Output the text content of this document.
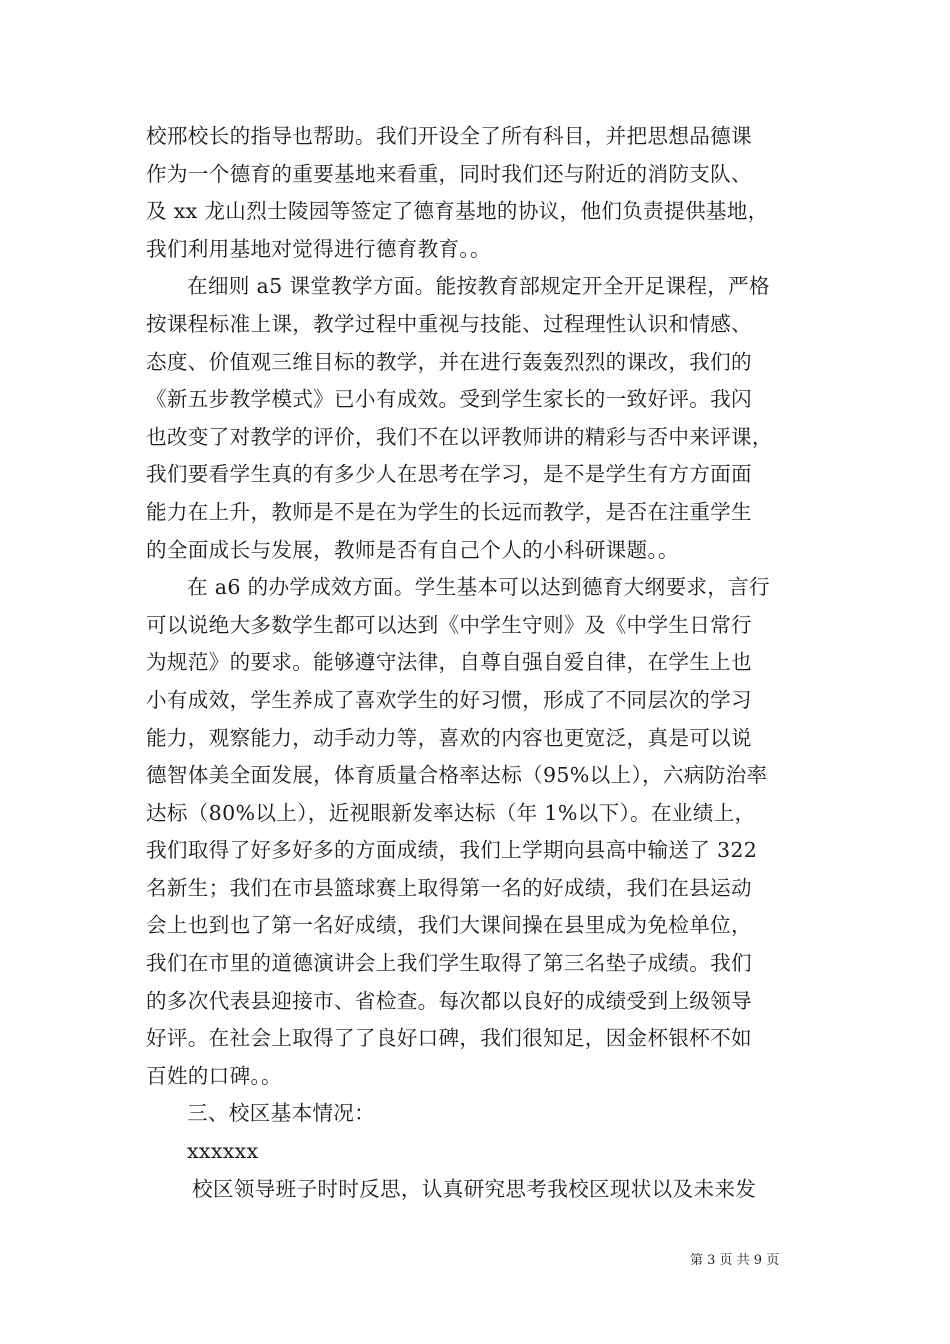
校邢校长的指导也帮助。我们开设全了所有科目，并把思想品德课
作为一个德育的重要基地来看重，同时我们还与附近的消防支队、
及 xx 龙山烈士陵园等签定了德育基地的协议，他们负责提供基地，
我们利用基地对觉得进行德育教育。。
在细则 a5 课堂教学方面。能按教育部规定开全开足课程，严格
按课程标准上课，教学过程中重视与技能、过程理性认识和情感、
态度、价值观三维目标的教学，并在进行轰轰烈烈的课改，我们的
《新五步教学模式》已小有成效。受到学生家长的一致好评。我闪
也改变了对教学的评价，我们不在以评教师讲的精彩与否中来评课，
我们要看学生真的有多少人在思考在学习，是不是学生有方方面面
能力在上升，教师是不是在为学生的长远而教学，是否在注重学生
的全面成长与发展，教师是否有自己个人的小科研课题。。
在 a6 的办学成效方面。学生基本可以达到德育大纲要求，言行
可以说绝大多数学生都可以达到《中学生守则》及《中学生日常行
为规范》的要求。能够遵守法律，自尊自强自爱自律，在学生上也
小有成效，学生养成了喜欢学生的好习惯，形成了不同层次的学习
能力，观察能力，动手动力等，喜欢的内容也更宽泛，真是可以说
德智体美全面发展，体育质量合格率达标（95%以上），六病防治率
达标（80%以上），近视眼新发率达标（年 1%以下）。在业绩上，
我们取得了好多好多的方面成绩，我们上学期向县高中输送了 322
名新生；我们在市县篮球赛上取得第一名的好成绩，我们在县运动
会上也到也了第一名好成绩，我们大课间操在县里成为免检单位，
我们在市里的道德演讲会上我们学生取得了第三名垫子成绩。我们
的多次代表县迎接市、省检查。每次都以良好的成绩受到上级领导
好评。在社会上取得了了良好口碑，我们很知足，因金杯银杯不如
百姓的口碑。。
三、校区基本情况：
xxxxxx
校区领导班子时时反思，认真研究思考我校区现状以及未来发
第 3 页 共 9 页
